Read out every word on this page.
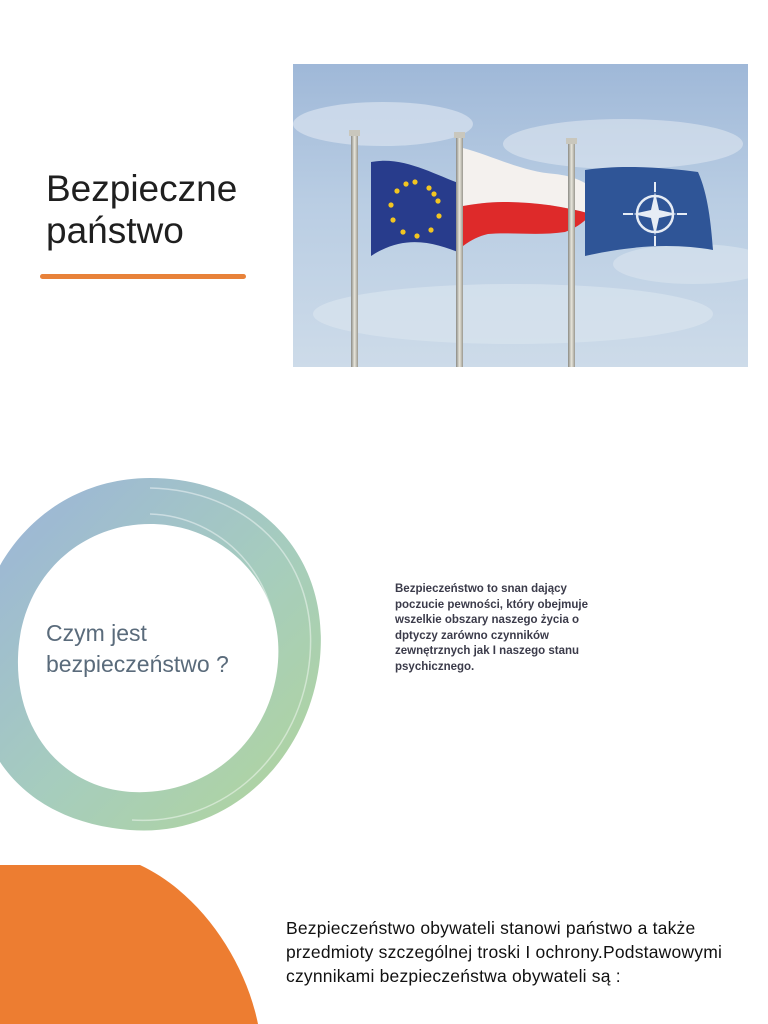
Bezpieczne państwo
Czym jest bezpieczeństwo ?

Bezpieczeństwo to snan dający poczucie pewności, który obejmuje wszelkie obszary naszego życia o dptyczy zarówno czynników zewnętrznych jak I naszego stanu psychicznego.

Bezpieczeństwo obywateli stanowi państwo a także przedmioty szczególnej troski I ochrony.Podstawowymi czynnikami bezpieczeństwa obywateli są :
